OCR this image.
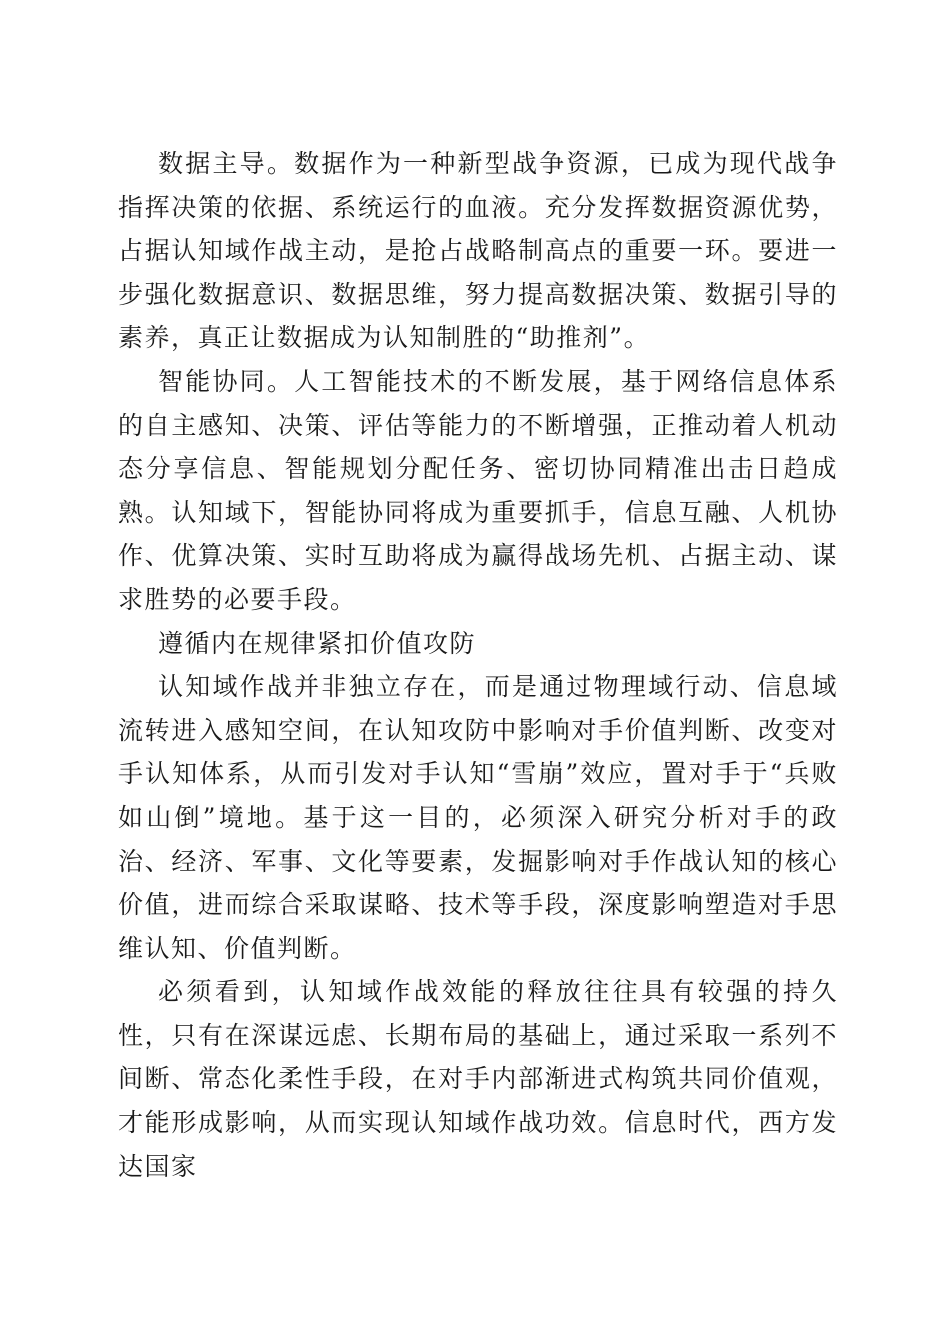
数据主导。数据作为一种新型战争资源，已成为现代战争指挥决策的依据、系统运行的血液。充分发挥数据资源优势，占据认知域作战主动，是抢占战略制高点的重要一环。要进一步强化数据意识、数据思维，努力提高数据决策、数据引导的素养，真正让数据成为认知制胜的“助推剂”。

智能协同。人工智能技术的不断发展，基于网络信息体系的自主感知、决策、评估等能力的不断增强，正推动着人机动态分享信息、智能规划分配任务、密切协同精准出击日趋成熟。认知域下，智能协同将成为重要抓手，信息互融、人机协作、优算决策、实时互助将成为赢得战场先机、占据主动、谋求胜势的必要手段。

遵循内在规律紧扣价值攻防

认知域作战并非独立存在，而是通过物理域行动、信息域流转进入感知空间，在认知攻防中影响对手价值判断、改变对手认知体系，从而引发对手认知“雪崩”效应，置对手于“兵败如山倒”境地。基于这一目的，必须深入研究分析对手的政治、经济、军事、文化等要素，发掘影响对手作战认知的核心价值，进而综合采取谋略、技术等手段，深度影响塑造对手思维认知、价值判断。

必须看到，认知域作战效能的释放往往具有较强的持久性，只有在深谋远虑、长期布局的基础上，通过采取一系列不间断、常态化柔性手段，在对手内部渐进式构筑共同价值观，才能形成影响，从而实现认知域作战功效。信息时代，西方发达国家
